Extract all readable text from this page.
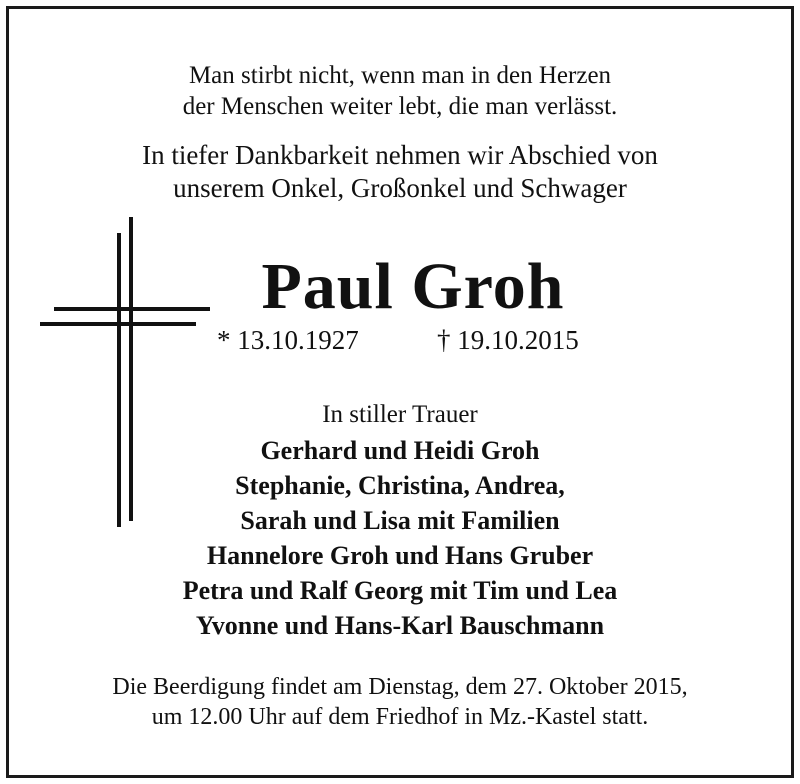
Man stirbt nicht, wenn man in den Herzen
der Menschen weiter lebt, die man verlässt.
In tiefer Dankbarkeit nehmen wir Abschied von
unserem Onkel, Großonkel und Schwager
Paul Groh
* 13.10.1927	† 19.10.2015
In stiller Trauer
Gerhard und Heidi Groh
Stephanie, Christina, Andrea,
Sarah und Lisa mit Familien
Hannelore Groh und Hans Gruber
Petra und Ralf Georg mit Tim und Lea
Yvonne und Hans-Karl Bauschmann
Die Beerdigung findet am Dienstag, dem 27. Oktober 2015,
um 12.00 Uhr auf dem Friedhof in Mz.-Kastel statt.
